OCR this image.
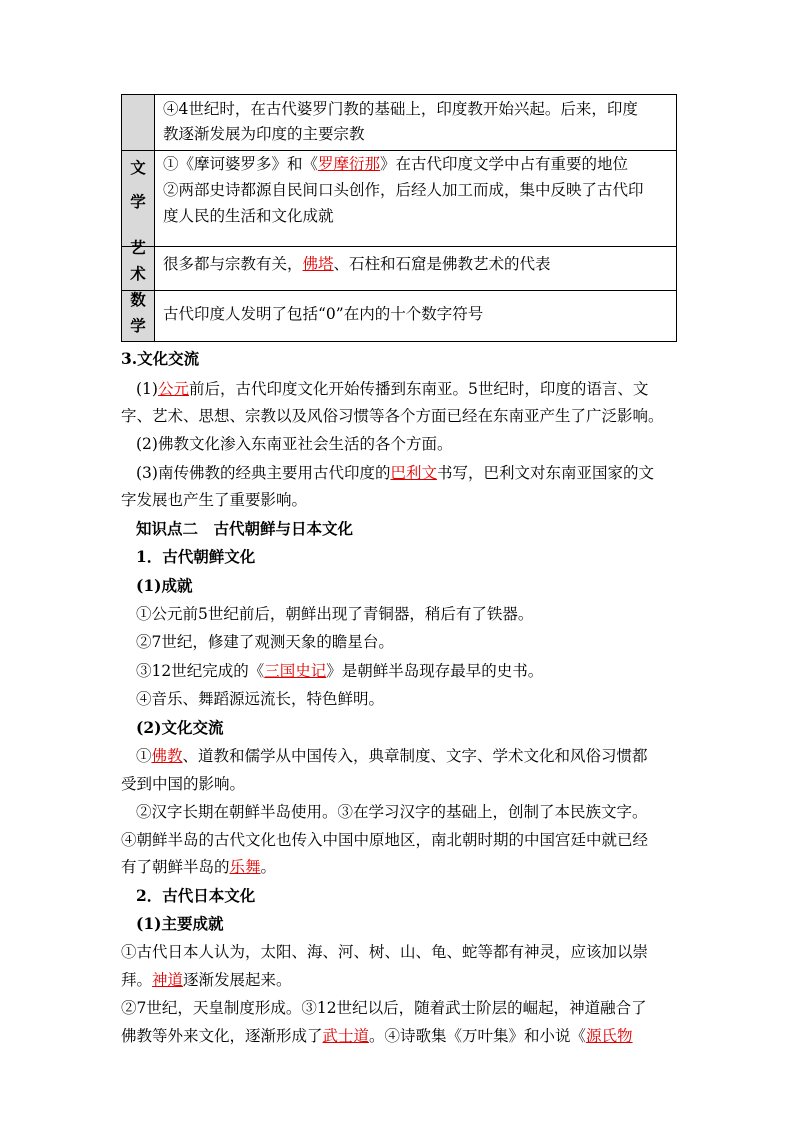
④4世纪时，在古代婆罗门教的基础上，印度教开始兴起。后来，印度
教逐渐发展为印度的主要宗教
文
学
①《摩诃婆罗多》和《罗摩衍那》在古代印度文学中占有重要的地位
②两部史诗都源自民间口头创作，后经人加工而成，集中反映了古代印
度人民的生活和文化成就
艺
术	很多都与宗教有关，佛塔、石柱和石窟是佛教艺术的代表
数
学
古代印度人发明了包括“0”在内的十个数字符号
3.文化交流
(1)公元前后，古代印度文化开始传播到东南亚。5世纪时，印度的语言、文
字、艺术、思想、宗教以及风俗习惯等各个方面已经在东南亚产生了广泛影响。
(2)佛教文化渗入东南亚社会生活的各个方面。
(3)南传佛教的经典主要用古代印度的巴利文书写，巴利文对东南亚国家的文
字发展也产生了重要影响。
知识点二　古代朝鲜与日本文化
1．古代朝鲜文化
(1)成就
①公元前5世纪前后，朝鲜出现了青铜器，稍后有了铁器。
②7世纪，修建了观测天象的瞻星台。
③12世纪完成的《三国史记》是朝鲜半岛现存最早的史书。
④音乐、舞蹈源远流长，特色鲜明。
(2)文化交流
①佛教、道教和儒学从中国传入，典章制度、文字、学术文化和风俗习惯都
受到中国的影响。
②汉字长期在朝鲜半岛使用。③在学习汉字的基础上，创制了本民族文字。
④朝鲜半岛的古代文化也传入中国中原地区，南北朝时期的中国宫廷中就已经
有了朝鲜半岛的乐舞。
2．古代日本文化
(1)主要成就
①古代日本人认为，太阳、海、河、树、山、龟、蛇等都有神灵，应该加以崇
拜。神道逐渐发展起来。
②7世纪，天皇制度形成。③12世纪以后，随着武士阶层的崛起，神道融合了
佛教等外来文化，逐渐形成了武士道。④诗歌集《万叶集》和小说《源氏物
